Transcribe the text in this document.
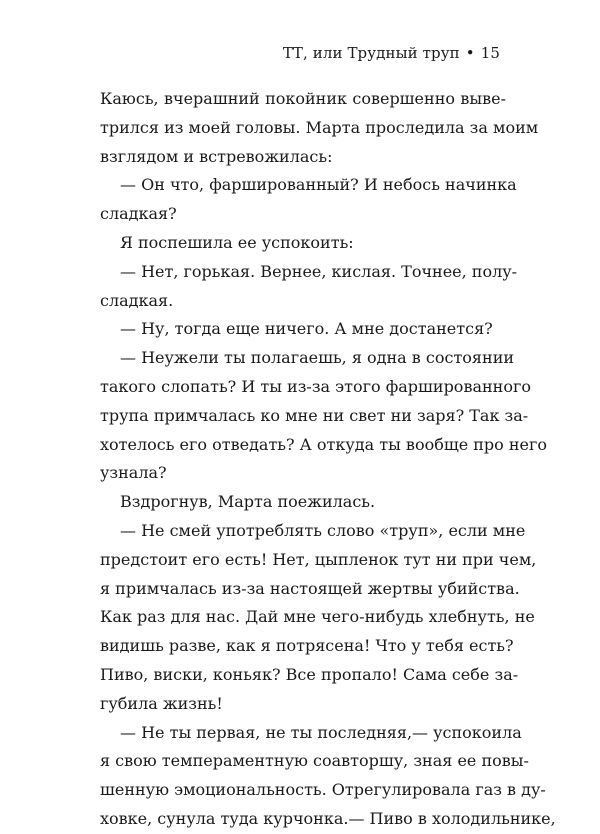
ТТ, или Трудный труп • 15
Каюсь, вчерашний покойник совершенно выве-
трился из моей головы. Марта проследила за моим
взглядом и встревожилась:
— Он что, фаршированный? И небось начинка
сладкая?
Я поспешила ее успокоить:
— Нет, горькая. Вернее, кислая. Точнее, полу-
сладкая.
— Ну, тогда еще ничего. А мне достанется?
— Неужели ты полагаешь, я одна в состоянии
такого слопать? И ты из-за этого фаршированного
трупа примчалась ко мне ни свет ни заря? Так за-
хотелось его отведать? А откуда ты вообще про него
узнала?
Вздрогнув, Марта поежилась.
— Не смей употреблять слово «труп», если мне
предстоит его есть! Нет, цыпленок тут ни при чем,
я примчалась из-за настоящей жертвы убийства.
Как раз для нас. Дай мне чего-нибудь хлебнуть, не
видишь разве, как я потрясена! Что у тебя есть?
Пиво, виски, коньяк? Все пропало! Сама себе за-
губила жизнь!
— Не ты первая, не ты последняя,— успокоила
я свою темпераментную соавторшу, зная ее повы-
шенную эмоциональность. Отрегулировала газ в ду-
ховке, сунула туда курчонка.— Пиво в холодильнике,
